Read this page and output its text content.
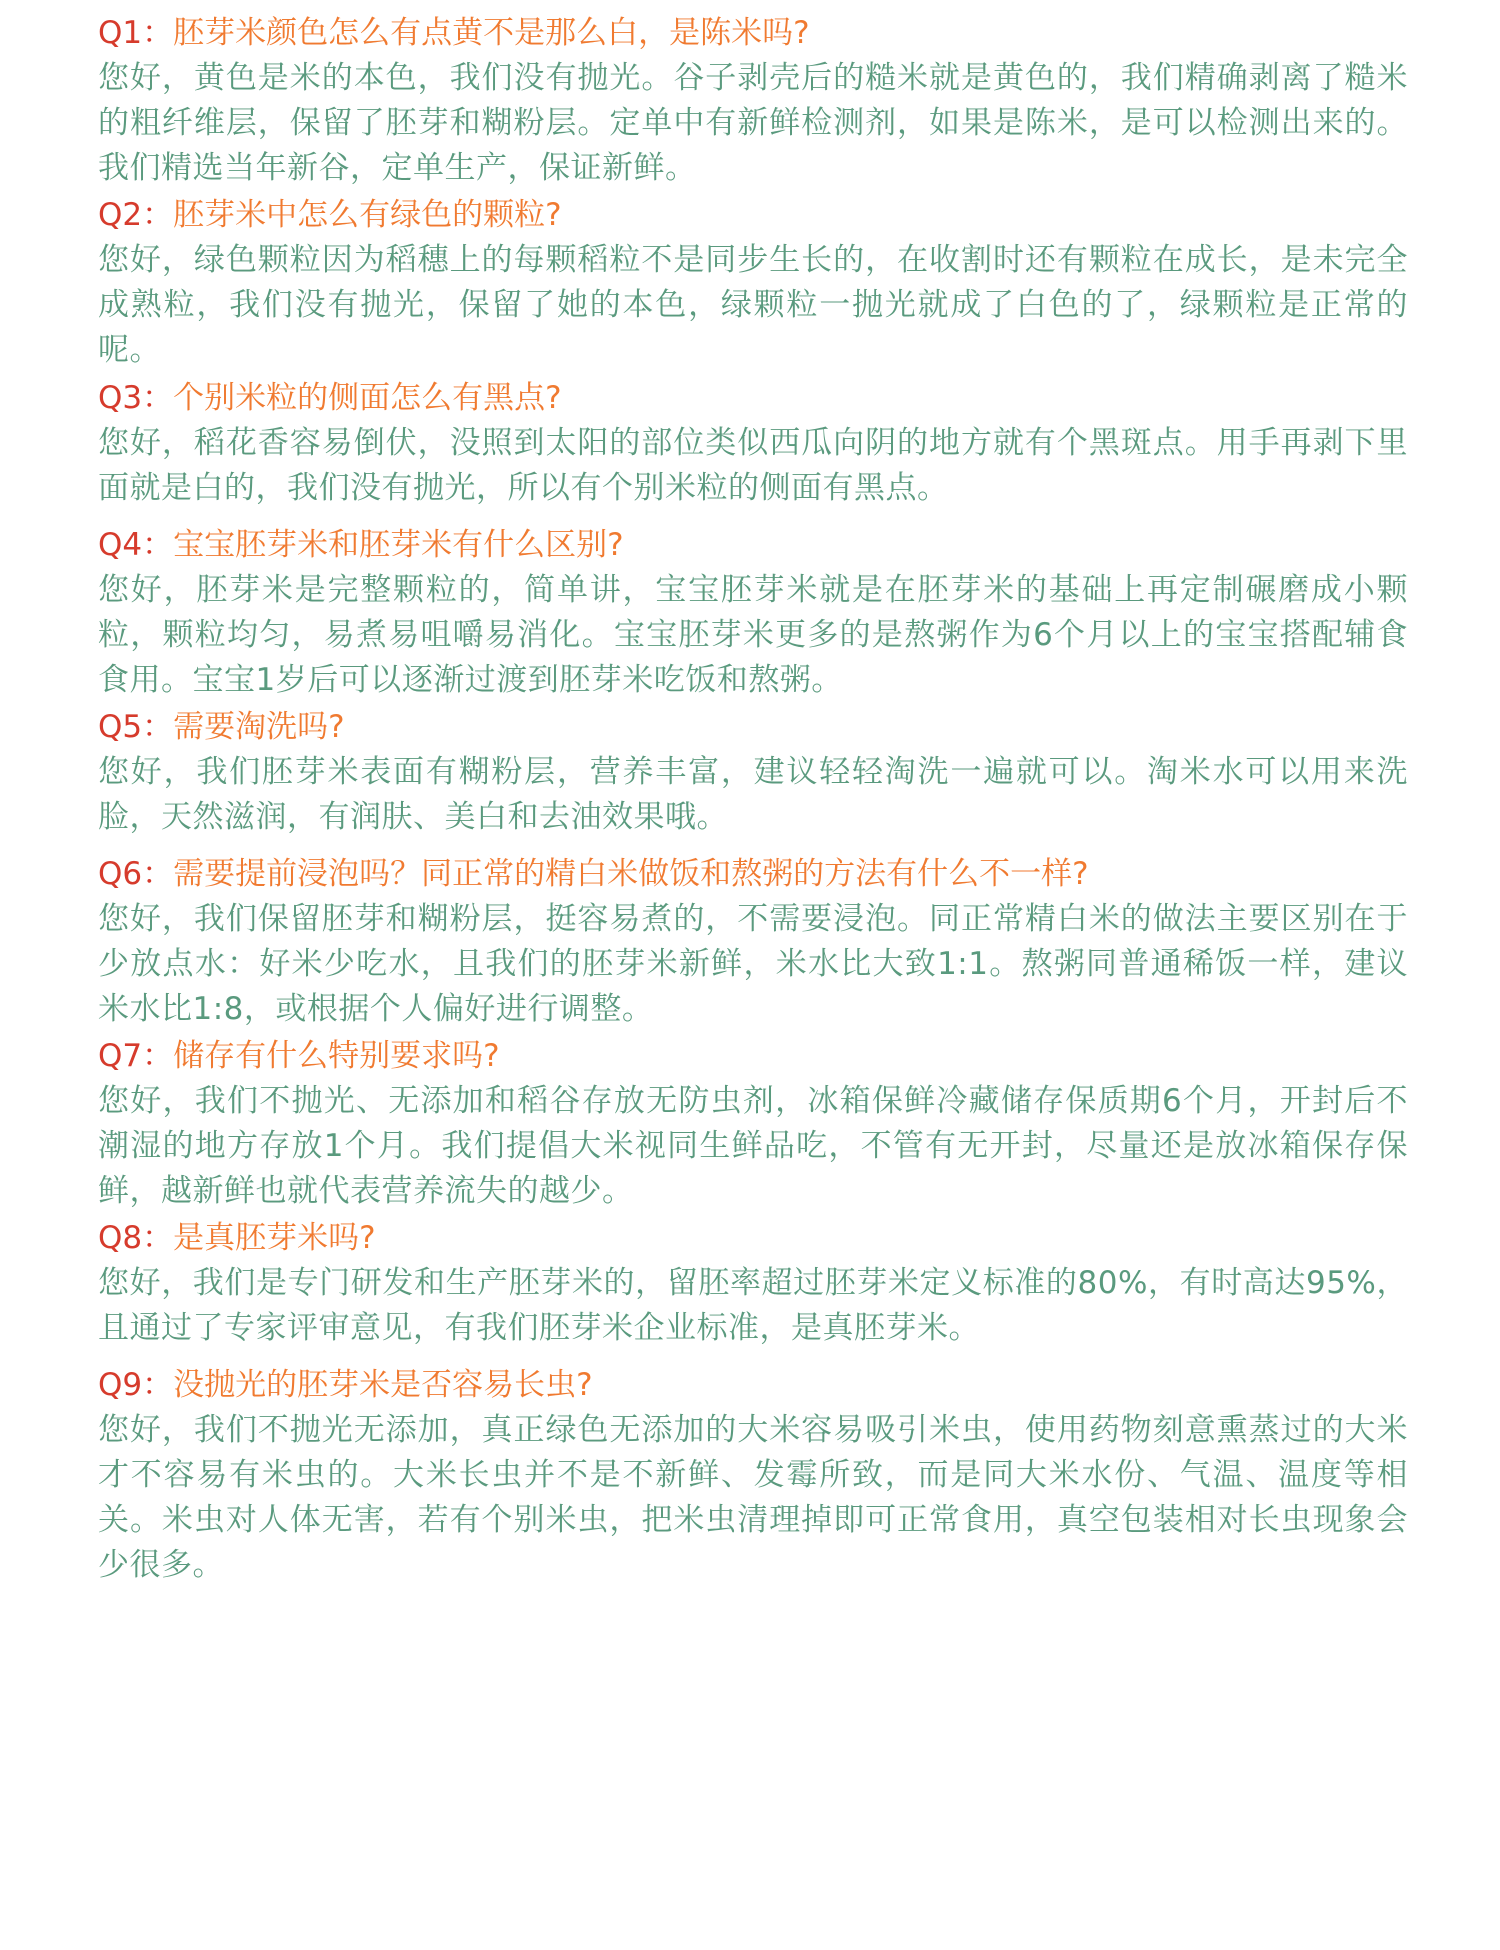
Q1：胚芽米颜色怎么有点黄不是那么白，是陈米吗?

您好，黄色是米的本色，我们没有抛光。谷子剥壳后的糙米就是黄色的，我们精确剥离了糙米的粗纤维层，保留了胚芽和糊粉层。定单中有新鲜检测剂，如果是陈米，是可以检测出来的。我们精选当年新谷，定单生产，保证新鲜。

Q2：胚芽米中怎么有绿色的颗粒?

您好，绿色颗粒因为稻穗上的每颗稻粒不是同步生长的，在收割时还有颗粒在成长，是未完全成熟粒，我们没有抛光，保留了她的本色，绿颗粒一抛光就成了白色的了，绿颗粒是正常的呢。

Q3：个别米粒的侧面怎么有黑点?

您好，稻花香容易倒伏，没照到太阳的部位类似西瓜向阴的地方就有个黑斑点。用手再剥下里面就是白的，我们没有抛光，所以有个别米粒的侧面有黑点。

Q4：宝宝胚芽米和胚芽米有什么区别?

您好，胚芽米是完整颗粒的，简单讲，宝宝胚芽米就是在胚芽米的基础上再定制碾磨成小颗粒，颗粒均匀，易煮易咀嚼易消化。宝宝胚芽米更多的是熬粥作为6个月以上的宝宝搭配辅食食用。宝宝1岁后可以逐渐过渡到胚芽米吃饭和熬粥。

Q5：需要淘洗吗?

您好，我们胚芽米表面有糊粉层，营养丰富，建议轻轻淘洗一遍就可以。淘米水可以用来洗脸，天然滋润，有润肤、美白和去油效果哦。

Q6：需要提前浸泡吗？同正常的精白米做饭和熬粥的方法有什么不一样?

您好，我们保留胚芽和糊粉层，挺容易煮的，不需要浸泡。同正常精白米的做法主要区别在于少放点水：好米少吃水，且我们的胚芽米新鲜，米水比大致1:1。熬粥同普通稀饭一样，建议米水比1:8，或根据个人偏好进行调整。

Q7：储存有什么特别要求吗?

您好，我们不抛光、无添加和稻谷存放无防虫剂，冰箱保鲜冷藏储存保质期6个月，开封后不潮湿的地方存放1个月。我们提倡大米视同生鲜品吃，不管有无开封，尽量还是放冰箱保存保鲜，越新鲜也就代表营养流失的越少。

Q8：是真胚芽米吗?

您好，我们是专门研发和生产胚芽米的，留胚率超过胚芽米定义标准的80%，有时高达95%，且通过了专家评审意见，有我们胚芽米企业标准，是真胚芽米。

Q9：没抛光的胚芽米是否容易长虫?

您好，我们不抛光无添加，真正绿色无添加的大米容易吸引米虫，使用药物刻意熏蒸过的大米才不容易有米虫的。大米长虫并不是不新鲜、发霉所致，而是同大米水份、气温、温度等相关。米虫对人体无害，若有个别米虫，把米虫清理掉即可正常食用，真空包装相对长虫现象会少很多。
